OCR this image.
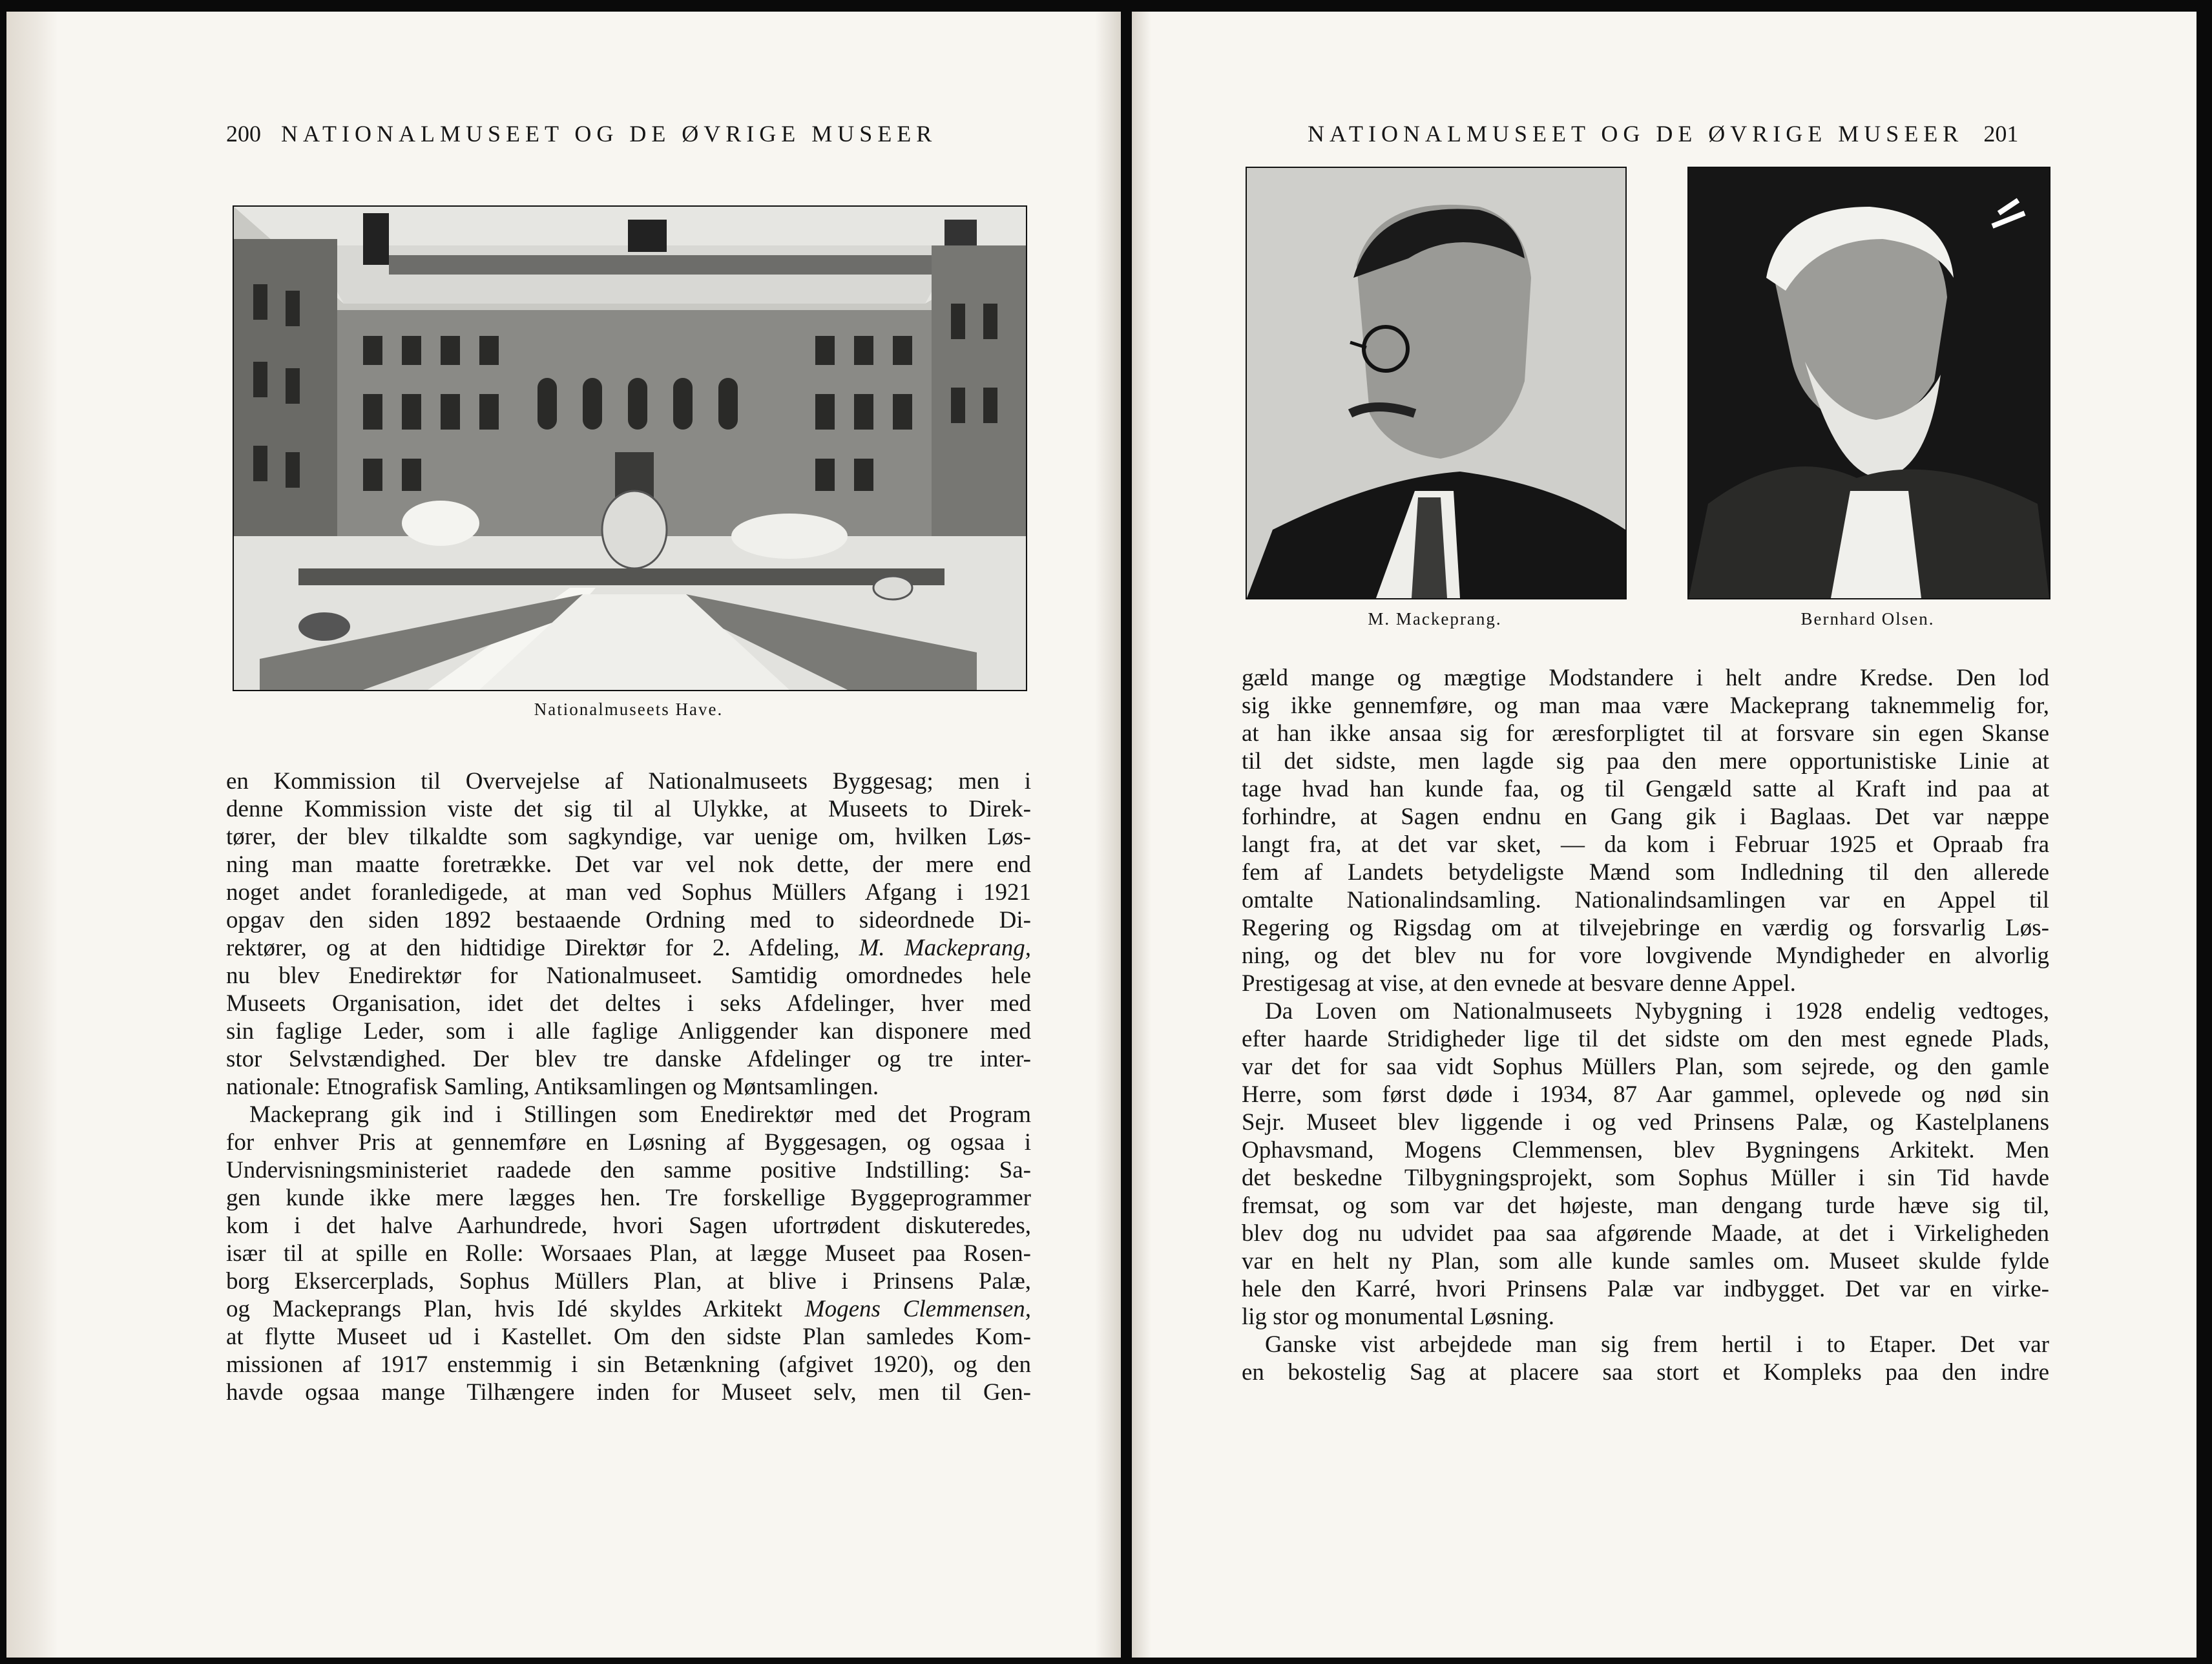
200 NATIONALMUSEET OG DE ØVRIGE MUSEER
Nationalmuseets Have.
en Kommission til Overvejelse af Nationalmuseets Byggesag; men i
denne Kommission viste det sig til al Ulykke, at Museets to Direk-
tører, der blev tilkaldte som sagkyndige, var uenige om, hvilken Løs-
ning man maatte foretrække. Det var vel nok dette, der mere end
noget andet foranledigede, at man ved Sophus Müllers Afgang i 1921
opgav den siden 1892 bestaaende Ordning med to sideordnede Di-
rektører, og at den hidtidige Direktør for 2. Afdeling, M. Mackeprang,
nu blev Enedirektør for Nationalmuseet. Samtidig omordnedes hele
Museets Organisation, idet det deltes i seks Afdelinger, hver med
sin faglige Leder, som i alle faglige Anliggender kan disponere med
stor Selvstændighed. Der blev tre danske Afdelinger og tre inter-
nationale: Etnografisk Samling, Antiksamlingen og Møntsamlingen.
Mackeprang gik ind i Stillingen som Enedirektør med det Program
for enhver Pris at gennemføre en Løsning af Byggesagen, og ogsaa i
Undervisningsministeriet raadede den samme positive Indstilling: Sa-
gen kunde ikke mere lægges hen. Tre forskellige Byggeprogrammer
kom i det halve Aarhundrede, hvori Sagen ufortrødent diskuteredes,
især til at spille en Rolle: Worsaaes Plan, at lægge Museet paa Rosen-
borg Eksercerplads, Sophus Müllers Plan, at blive i Prinsens Palæ,
og Mackeprangs Plan, hvis Idé skyldes Arkitekt Mogens Clemmensen,
at flytte Museet ud i Kastellet. Om den sidste Plan samledes Kom-
missionen af 1917 enstemmig i sin Betænkning (afgivet 1920), og den
havde ogsaa mange Tilhængere inden for Museet selv, men til Gen-
NATIONALMUSEET OG DE ØVRIGE MUSEER 201
M. Mackeprang.	Bernhard Olsen.
gæld mange og mægtige Modstandere i helt andre Kredse. Den lod
sig ikke gennemføre, og man maa være Mackeprang taknemmelig for,
at han ikke ansaa sig for æresforpligtet til at forsvare sin egen Skanse
til det sidste, men lagde sig paa den mere opportunistiske Linie at
tage hvad han kunde faa, og til Gengæld satte al Kraft ind paa at
forhindre, at Sagen endnu en Gang gik i Baglaas. Det var næppe
langt fra, at det var sket, — da kom i Februar 1925 et Opraab fra
fem af Landets betydeligste Mænd som Indledning til den allerede
omtalte Nationalindsamling. Nationalindsamlingen var en Appel til
Regering og Rigsdag om at tilvejebringe en værdig og forsvarlig Løs-
ning, og det blev nu for vore lovgivende Myndigheder en alvorlig
Prestigesag at vise, at den evnede at besvare denne Appel.
Da Loven om Nationalmuseets Nybygning i 1928 endelig vedtoges,
efter haarde Stridigheder lige til det sidste om den mest egnede Plads,
var det for saa vidt Sophus Müllers Plan, som sejrede, og den gamle
Herre, som først døde i 1934, 87 Aar gammel, oplevede og nød sin
Sejr. Museet blev liggende i og ved Prinsens Palæ, og Kastelplanens
Ophavsmand, Mogens Clemmensen, blev Bygningens Arkitekt. Men
det beskedne Tilbygningsprojekt, som Sophus Müller i sin Tid havde
fremsat, og som var det højeste, man dengang turde hæve sig til,
blev dog nu udvidet paa saa afgørende Maade, at det i Virkeligheden
var en helt ny Plan, som alle kunde samles om. Museet skulde fylde
hele den Karré, hvori Prinsens Palæ var indbygget. Det var en virke-
lig stor og monumental Løsning.
Ganske vist arbejdede man sig frem hertil i to Etaper. Det var
en bekostelig Sag at placere saa stort et Kompleks paa den indre
